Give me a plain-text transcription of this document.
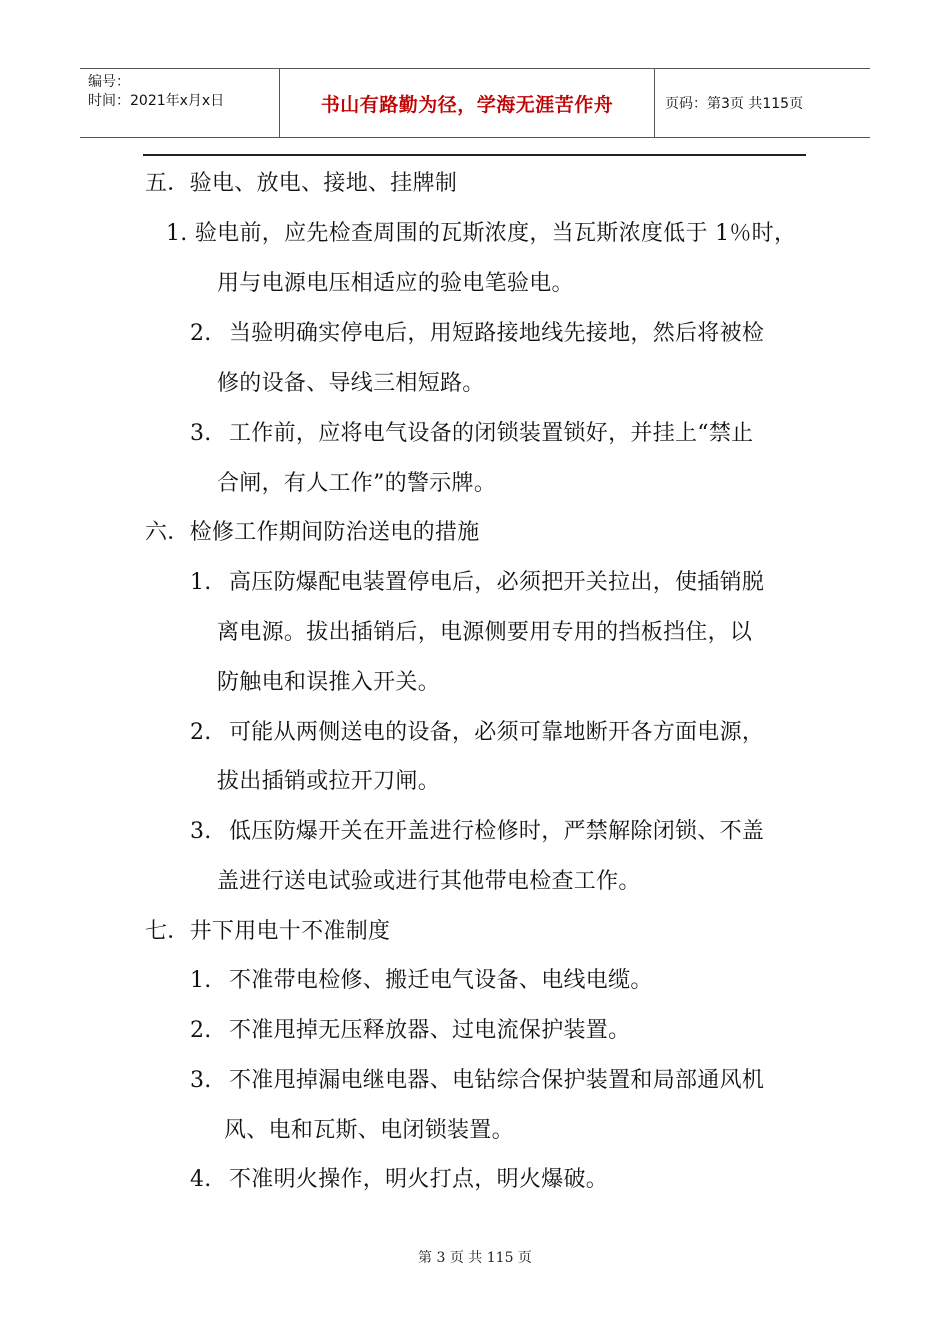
编号：
时间：2021年x月x日	书山有路勤为径，学海无涯苦作舟	页码：第3页 共115页
五．验电、放电、接地、挂牌制
1. 验电前，应先检查周围的瓦斯浓度，当瓦斯浓度低于 1％时，
用与电源电压相适应的验电笔验电。
2. 当验明确实停电后，用短路接地线先接地，然后将被检
修的设备、导线三相短路。
3. 工作前，应将电气设备的闭锁装置锁好，并挂上“禁止
合闸，有人工作”的警示牌。
六．检修工作期间防治送电的措施
1. 高压防爆配电装置停电后，必须把开关拉出，使插销脱
离电源。拔出插销后，电源侧要用专用的挡板挡住，以
防触电和误推入开关。
2. 可能从两侧送电的设备，必须可靠地断开各方面电源，
拔出插销或拉开刀闸。
3. 低压防爆开关在开盖进行检修时，严禁解除闭锁、不盖
盖进行送电试验或进行其他带电检查工作。
七．井下用电十不准制度
1. 不准带电检修、搬迁电气设备、电线电缆。
2. 不准甩掉无压释放器、过电流保护装置。
3. 不准甩掉漏电继电器、电钻综合保护装置和局部通风机
风、电和瓦斯、电闭锁装置。
4. 不准明火操作，明火打点，明火爆破。
第 3 页 共 115 页
